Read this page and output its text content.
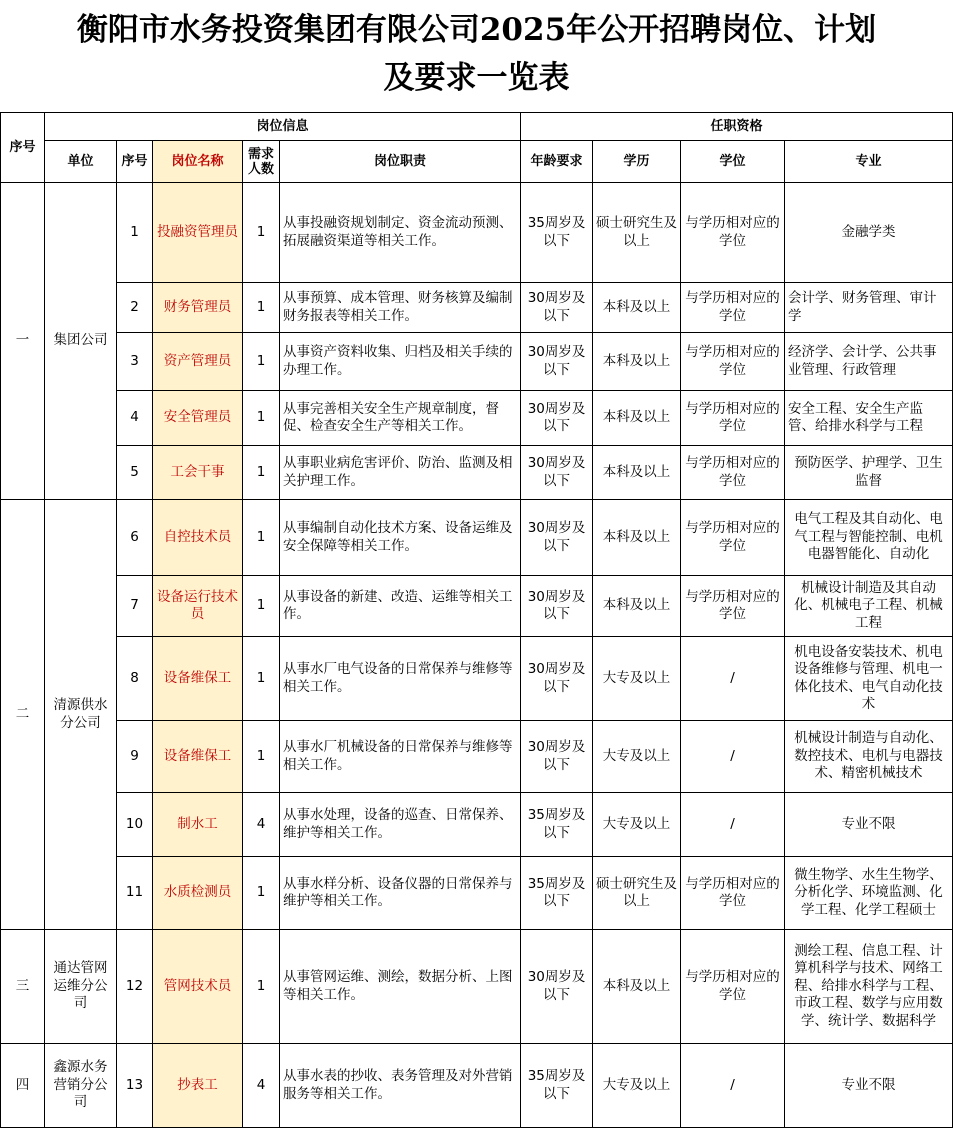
衡阳市水务投资集团有限公司2025年公开招聘岗位、计划
及要求一览表
序号	岗位信息					任职资格			
	单位	序号	岗位名称	需求人数	岗位职责	年龄要求	学历	学位	专业
一	集团公司	1	投融资管理员	1	从事投融资规划制定、资金流动预测、拓展融资渠道等相关工作。	35周岁及以下	硕士研究生及以上	与学历相对应的学位	金融学类
		2	财务管理员	1	从事预算、成本管理、财务核算及编制财务报表等相关工作。	30周岁及以下	本科及以上	与学历相对应的学位	会计学、财务管理、审计学
		3	资产管理员	1	从事资产资料收集、归档及相关手续的办理工作。	30周岁及以下	本科及以上	与学历相对应的学位	经济学、会计学、公共事业管理、行政管理
		4	安全管理员	1	从事完善相关安全生产规章制度，督促、检查安全生产等相关工作。	30周岁及以下	本科及以上	与学历相对应的学位	安全工程、安全生产监管、给排水科学与工程
		5	工会干事	1	从事职业病危害评价、防治、监测及相关护理工作。	30周岁及以下	本科及以上	与学历相对应的学位	预防医学、护理学、卫生监督
二	清源供水分公司	6	自控技术员	1	从事编制自动化技术方案、设备运维及安全保障等相关工作。	30周岁及以下	本科及以上	与学历相对应的学位	电气工程及其自动化、电气工程与智能控制、电机电器智能化、自动化
		7	设备运行技术员	1	从事设备的新建、改造、运维等相关工作。	30周岁及以下	本科及以上	与学历相对应的学位	机械设计制造及其自动化、机械电子工程、机械工程
		8	设备维保工	1	从事水厂电气设备的日常保养与维修等相关工作。	30周岁及以下	大专及以上	/	机电设备安装技术、机电设备维修与管理、机电一体化技术、电气自动化技术
		9	设备维保工	1	从事水厂机械设备的日常保养与维修等相关工作。	30周岁及以下	大专及以上	/	机械设计制造与自动化、数控技术、电机与电器技术、精密机械技术
		10	制水工	4	从事水处理，设备的巡查、日常保养、维护等相关工作。	35周岁及以下	大专及以上	/	专业不限
		11	水质检测员	1	从事水样分析、设备仪器的日常保养与维护等相关工作。	35周岁及以下	硕士研究生及以上	与学历相对应的学位	微生物学、水生生物学、分析化学、环境监测、化学工程、化学工程硕士
三	通达管网运维分公司	12	管网技术员	1	从事管网运维、测绘，数据分析、上图等相关工作。	30周岁及以下	本科及以上	与学历相对应的学位	测绘工程、信息工程、计算机科学与技术、网络工程、给排水科学与工程、市政工程、数学与应用数学、统计学、数据科学
四	鑫源水务营销分公司	13	抄表工	4	从事水表的抄收、表务管理及对外营销服务等相关工作。	35周岁及以下	大专及以上	/	专业不限
